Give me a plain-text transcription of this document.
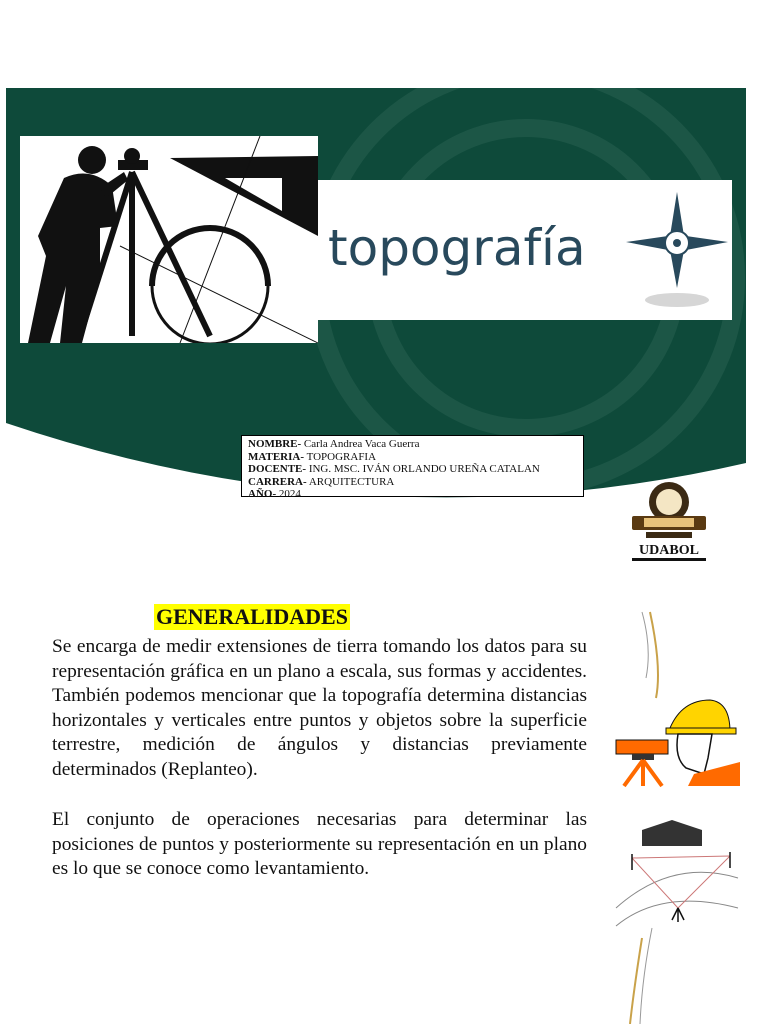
topografía
NOMBRE- Carla Andrea Vaca Guerra
MATERIA- TOPOGRAFIA
DOCENTE- ING. MSC. IVÁN ORLANDO UREÑA CATALAN
CARRERA- ARQUITECTURA
AÑO- 2024
UDABOL
GENERALIDADES

Se encarga de medir extensiones de tierra tomando los datos para su representación gráfica en un plano a escala, sus formas y accidentes. También podemos mencionar que la topografía determina distancias horizontales y verticales entre puntos y objetos sobre la superficie terrestre, medición de ángulos y distancias previamente determinados (Replanteo).

El conjunto de operaciones necesarias para determinar las posiciones de puntos y posteriormente su representación en un plano es lo que se conoce como levantamiento.
